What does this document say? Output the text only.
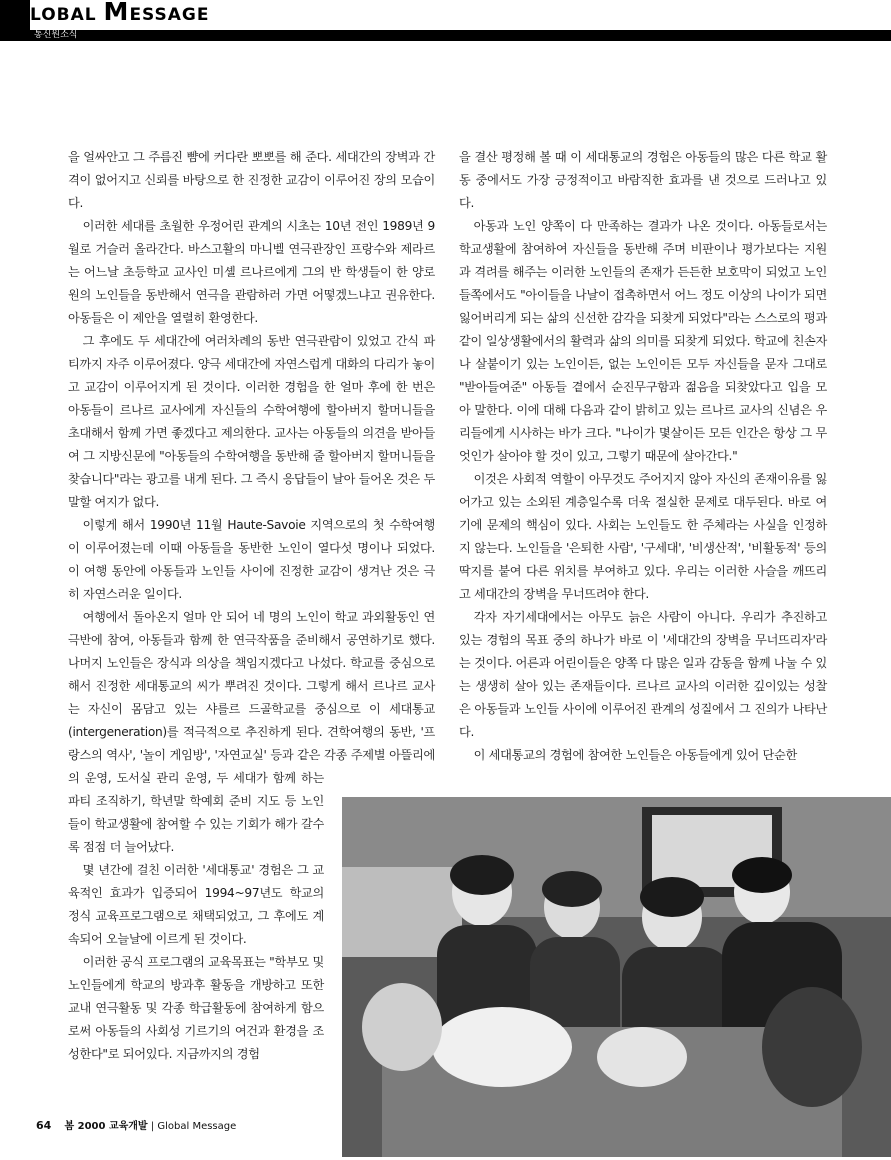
LOBAL MESSAGE
통신원소식

을 얼싸안고 그 주름진 뺨에 커다란 뽀뽀를 해 준다. 세대간의 장벽과 간격이 없어지고 신뢰를 바탕으로 한 진정한 교감이 이루어진 장의 모습이다.

이러한 세대를 초월한 우정어린 관계의 시초는 10년 전인 1989년 9월로 거슬러 올라간다. 바스고활의 마니벨 연극관장인 프랑수와 제라르는 어느날 초등학교 교사인 미셸 르나르에게 그의 반 학생들이 한 양로원의 노인들을 동반해서 연극을 관람하러 가면 어떻겠느냐고 권유한다. 아동들은 이 제안을 열렬히 환영한다.

그 후에도 두 세대간에 여러차례의 동반 연극관람이 있었고 간식 파티까지 자주 이루어졌다. 양극 세대간에 자연스럽게 대화의 다리가 놓이고 교감이 이루어지게 된 것이다. 이러한 경험을 한 얼마 후에 한 번은 아동들이 르나르 교사에게 자신들의 수학여행에 할아버지 할머니들을 초대해서 함께 가면 좋겠다고 제의한다. 교사는 아동들의 의견을 받아들여 그 지방신문에 "아동들의 수학여행을 동반해 줄 할아버지 할머니들을 찾습니다"라는 광고를 내게 된다. 그 즉시 응답들이 날아 들어온 것은 두말할 여지가 없다.

이렇게 해서 1990년 11월 Haute-Savoie 지역으로의 첫 수학여행이 이루어졌는데 이때 아동들을 동반한 노인이 열다섯 명이나 되었다. 이 여행 동안에 아동들과 노인들 사이에 진정한 교감이 생겨난 것은 극히 자연스러운 일이다.

여행에서 돌아온지 얼마 안 되어 네 명의 노인이 학교 과외활동인 연극반에 참여, 아동들과 함께 한 연극작품을 준비해서 공연하기로 했다. 나머지 노인들은 장식과 의상을 책임지겠다고 나섰다. 학교를 중심으로 해서 진정한 세대통교의 씨가 뿌려진 것이다. 그렇게 해서 르나르 교사는 자신이 몸담고 있는 샤를르 드골학교를 중심으로 이 세대통교(intergeneration)를 적극적으로 추진하게 된다. 견학여행의 동반, '프랑스의 역사', '놀이 게임방', '자연교실' 등과 같은 각종 주제별 아뜰리에의 운영, 도서실 관리 운영, 두 세대가 함께 하는 파티 조직하기, 학년말 학예회 준비 지도 등 노인들이 학교생활에 참여할 수 있는 기회가 해가 갈수록 점점 더 늘어났다.

몇 년간에 걸친 이러한 '세대통교' 경험은 그 교육적인 효과가 입증되어 1994~97년도 학교의 정식 교육프로그램으로 채택되었고, 그 후에도 계속되어 오늘날에 이르게 된 것이다.

이러한 공식 프로그램의 교육목표는 "학부모 및 노인들에게 학교의 방과후 활동을 개방하고 또한 교내 연극활동 및 각종 학급활동에 참여하게 함으로써 아동들의 사회성 기르기의 여건과 환경을 조성한다"로 되어있다. 지금까지의 경험

을 결산 평정해 볼 때 이 세대통교의 경험은 아동들의 많은 다른 학교 활동 중에서도 가장 긍정적이고 바람직한 효과를 낸 것으로 드러나고 있다.

아동과 노인 양쪽이 다 만족하는 결과가 나온 것이다. 아동들로서는 학교생활에 참여하여 자신들을 동반해 주며 비판이나 평가보다는 지원과 격려를 해주는 이러한 노인들의 존재가 든든한 보호막이 되었고 노인들쪽에서도 "아이들을 나날이 접촉하면서 어느 정도 이상의 나이가 되면 잃어버리게 되는 삶의 신선한 감각을 되찾게 되었다"라는 스스로의 평과 같이 일상생활에서의 활력과 삶의 의미를 되찾게 되었다. 학교에 친손자나 살붙이기 있는 노인이든, 없는 노인이든 모두 자신들을 문자 그대로 "받아들여준" 아동들 곁에서 순진무구함과 젊음을 되찾았다고 입을 모아 말한다. 이에 대해 다음과 같이 밝히고 있는 르나르 교사의 신념은 우리들에게 시사하는 바가 크다. "나이가 몇살이든 모든 인간은 항상 그 무엇인가 살아야 할 것이 있고, 그렇기 때문에 살아간다."

이것은 사회적 역할이 아무것도 주어지지 않아 자신의 존재이유를 잃어가고 있는 소외된 계층일수록 더욱 절실한 문제로 대두된다. 바로 여기에 문제의 핵심이 있다. 사회는 노인들도 한 주체라는 사실을 인정하지 않는다. 노인들을 '은퇴한 사람', '구세대', '비생산적', '비활동적' 등의 딱지를 붙여 다른 위치를 부여하고 있다. 우리는 이러한 사슬을 깨뜨리고 세대간의 장벽을 무너뜨려야 한다.

각자 자기세대에서는 아무도 늙은 사람이 아니다. 우리가 추진하고 있는 경험의 목표 중의 하나가 바로 이 '세대간의 장벽을 무너뜨리자'라는 것이다. 어른과 어린이들은 양쪽 다 많은 일과 감동을 함께 나눌 수 있는 생생히 살아 있는 존재들이다. 르나르 교사의 이러한 깊이있는 성찰은 아동들과 노인들 사이에 이루어진 관계의 성질에서 그 진의가 나타난다.

이 세대통교의 경험에 참여한 노인들은 아동들에게 있어 단순한

64 봄 2000 교육개발 | Global Message
